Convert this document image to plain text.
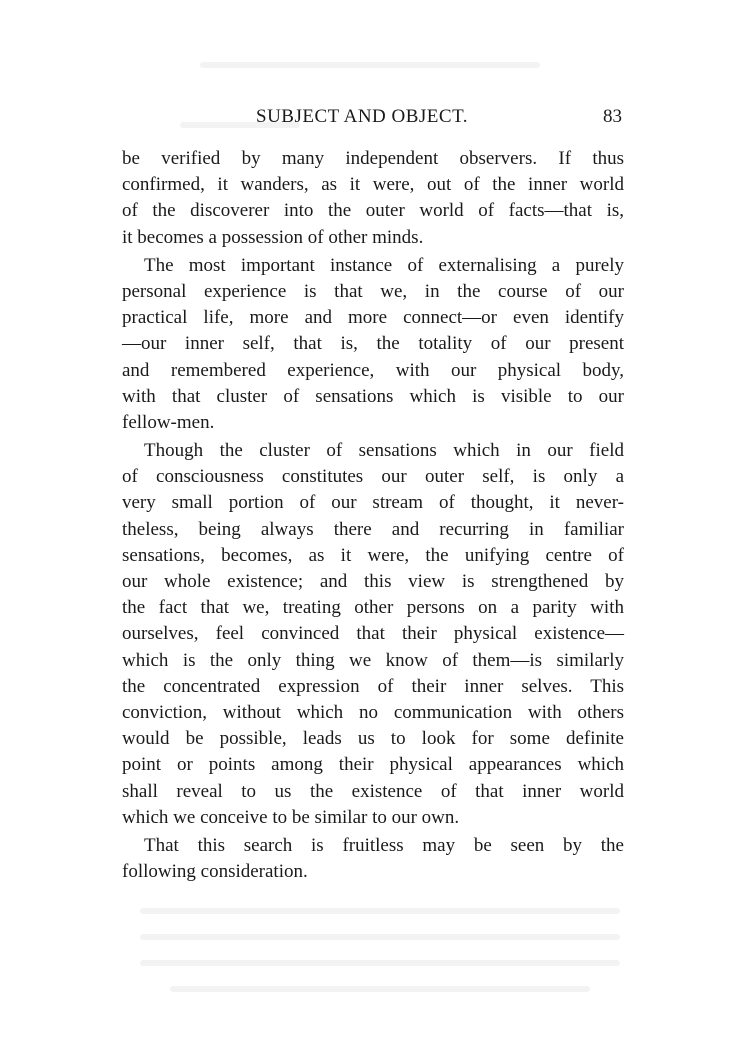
SUBJECT AND OBJECT.	83
be verified by many independent observers. If thus
confirmed, it wanders, as it were, out of the inner world
of the discoverer into the outer world of facts—that is,
it becomes a possession of other minds.
The most important instance of externalising a purely
personal experience is that we, in the course of our
practical life, more and more connect—or even identify
—our inner self, that is, the totality of our present
and remembered experience, with our physical body,
with that cluster of sensations which is visible to our
fellow-men.
Though the cluster of sensations which in our field
of consciousness constitutes our outer self, is only a
very small portion of our stream of thought, it never-
theless, being always there and recurring in familiar
sensations, becomes, as it were, the unifying centre of
our whole existence; and this view is strengthened by
the fact that we, treating other persons on a parity with
ourselves, feel convinced that their physical existence—
which is the only thing we know of them—is similarly
the concentrated expression of their inner selves. This
conviction, without which no communication with others
would be possible, leads us to look for some definite
point or points among their physical appearances which
shall reveal to us the existence of that inner world
which we conceive to be similar to our own.
That this search is fruitless may be seen by the
following consideration.
